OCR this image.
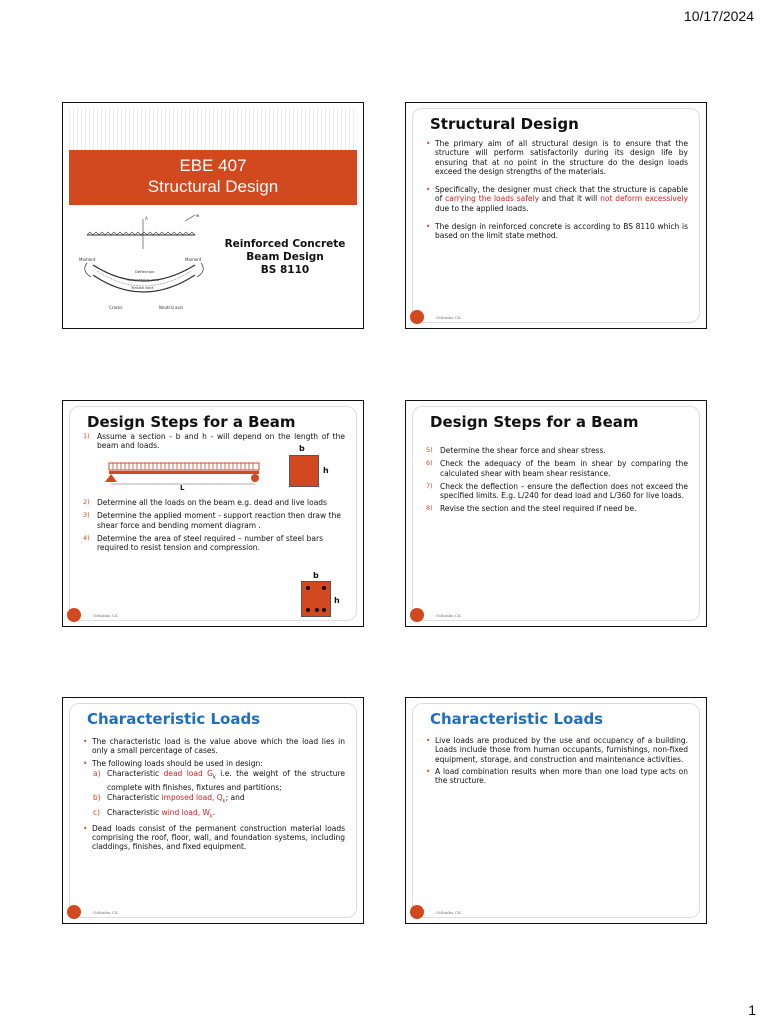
10/17/2024
EBE 407
Structural Design
A
w
Moment	Moment
Deflection
Compression zone
Tension zone
Cracks	Neutral axis
Reinforced Concrete
Beam Design
BS 8110
Structural Design

• The primary aim of all structural design is to ensure that the structure will perform satisfactorily during its design life by ensuring that at no point in the structure do the design loads exceed the design strengths of the materials.

• Specifically, the designer must check that the structure is capable of carrying the loads safely and that it will not deform excessively due to the applied loads.

• The design in reinforced concrete is according to BS 8110 which is based on the limit state method.

Githinku CK
Design Steps for a Beam
1) Assume a section - b and h - will depend on the length of the beam and loads.
L
b
h
2) Determine all the loads on the beam e.g. dead and live loads
3) Determine the applied moment - support reaction then draw the shear force and bending moment diagram .
4) Determine the area of steel required – number of steel bars required to resist tension and compression.
b
h
Githinku CK
Design Steps for a Beam
5) Determine the shear force and shear stress.
6) Check the adequacy of the beam in shear by comparing the calculated shear with beam shear resistance.
7) Check the deflection – ensure the deflection does not exceed the specified limits. E.g. L/240 for dead load and L/360 for live loads.
8) Revise the section and the steel required if need be.
Githinku CK
Characteristic Loads

• The characteristic load is the value above which the load lies in only a small percentage of cases.

• The following loads should be used in design:

a) Characteristic dead load $G_k$ i.e. the weight of the structure complete with finishes, fixtures and partitions;
b) Characteristic imposed load, $Q_k$; and
c) Characteristic wind load, $W_k$.

• Dead loads consist of the permanent construction material loads comprising the roof, floor, wall, and foundation systems, including claddings, finishes, and fixed equipment.

Githinku CK
Characteristic Loads

• Live loads are produced by the use and occupancy of a building. Loads include those from human occupants, furnishings, non-fixed equipment, storage, and construction and maintenance activities.

• A load combination results when more than one load type acts on the structure.

Githinku CK
1
